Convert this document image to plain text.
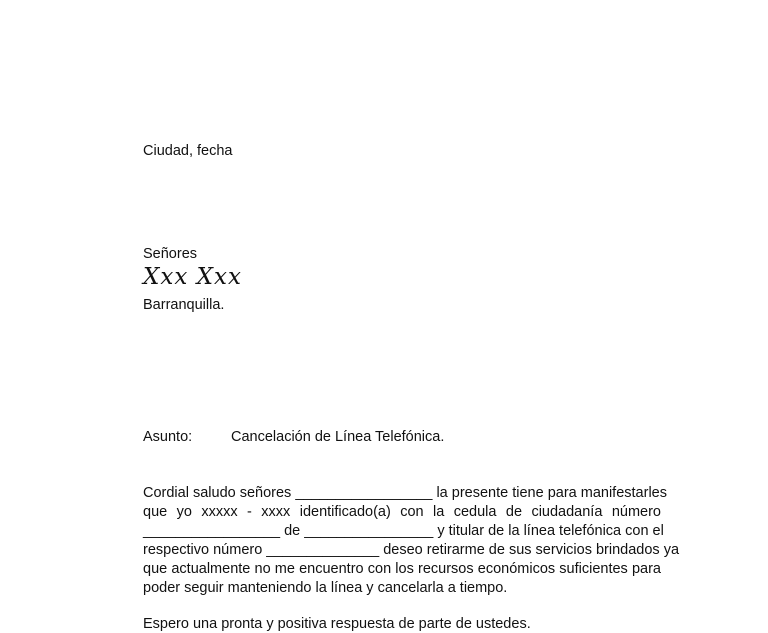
Ciudad, fecha
Señores
Xxx Xxx
Barranquilla.
Asunto:	Cancelación de Línea Telefónica.
Cordial saludo señores _________________ la presente tiene para manifestarles
que yo xxxxx - xxxx identificado(a) con la cedula de ciudadanía número
_________________ de ________________ y titular de la línea telefónica con el
respectivo número ______________ deseo retirarme de sus servicios brindados ya
que actualmente no me encuentro con los recursos económicos suficientes para
poder seguir manteniendo la línea y cancelarla a tiempo.
Espero una pronta y positiva respuesta de parte de ustedes.
